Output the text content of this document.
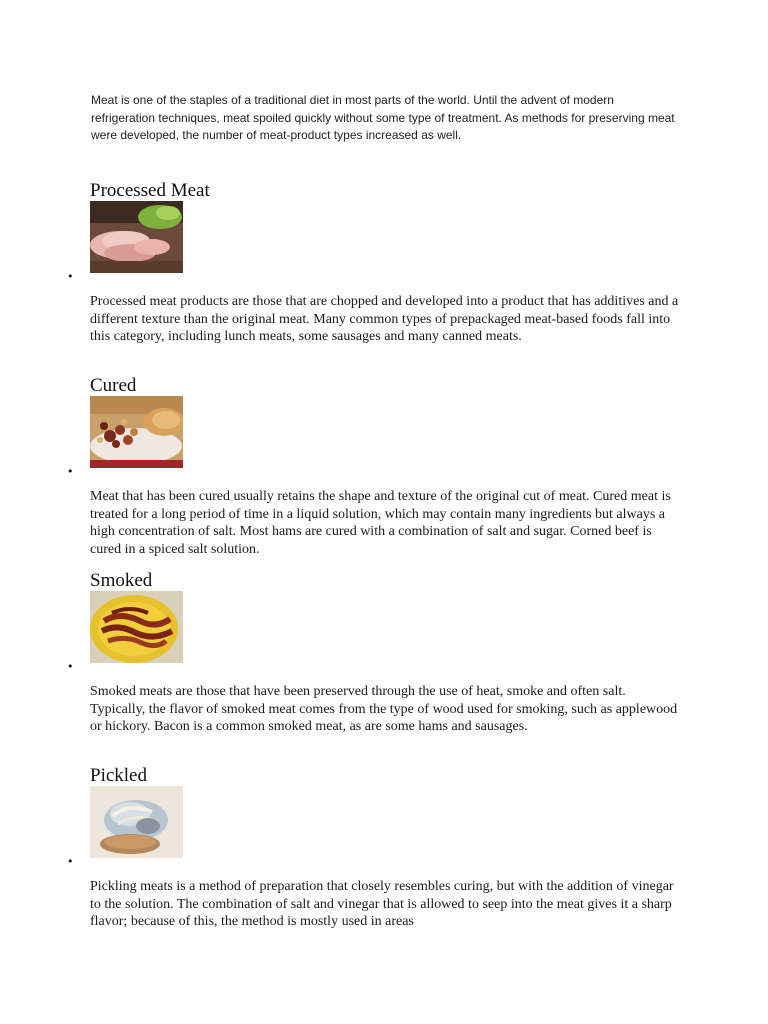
Meat is one of the staples of a traditional diet in most parts of the world. Until the advent of modern refrigeration techniques, meat spoiled quickly without some type of treatment. As methods for preserving meat were developed, the number of meat-product types increased as well.

Processed Meat
•

Processed meat products are those that are chopped and developed into a product that has additives and a different texture than the original meat. Many common types of prepackaged meat-based foods fall into this category, including lunch meats, some sausages and many canned meats.

Cured
•

Meat that has been cured usually retains the shape and texture of the original cut of meat. Cured meat is treated for a long period of time in a liquid solution, which may contain many ingredients but always a high concentration of salt. Most hams are cured with a combination of salt and sugar. Corned beef is cured in a spiced salt solution.

Smoked
•

Smoked meats are those that have been preserved through the use of heat, smoke and often salt. Typically, the flavor of smoked meat comes from the type of wood used for smoking, such as applewood or hickory. Bacon is a common smoked meat, as are some hams and sausages.

Pickled
•

Pickling meats is a method of preparation that closely resembles curing, but with the addition of vinegar to the solution. The combination of salt and vinegar that is allowed to seep into the meat gives it a sharp flavor; because of this, the method is mostly used in areas
